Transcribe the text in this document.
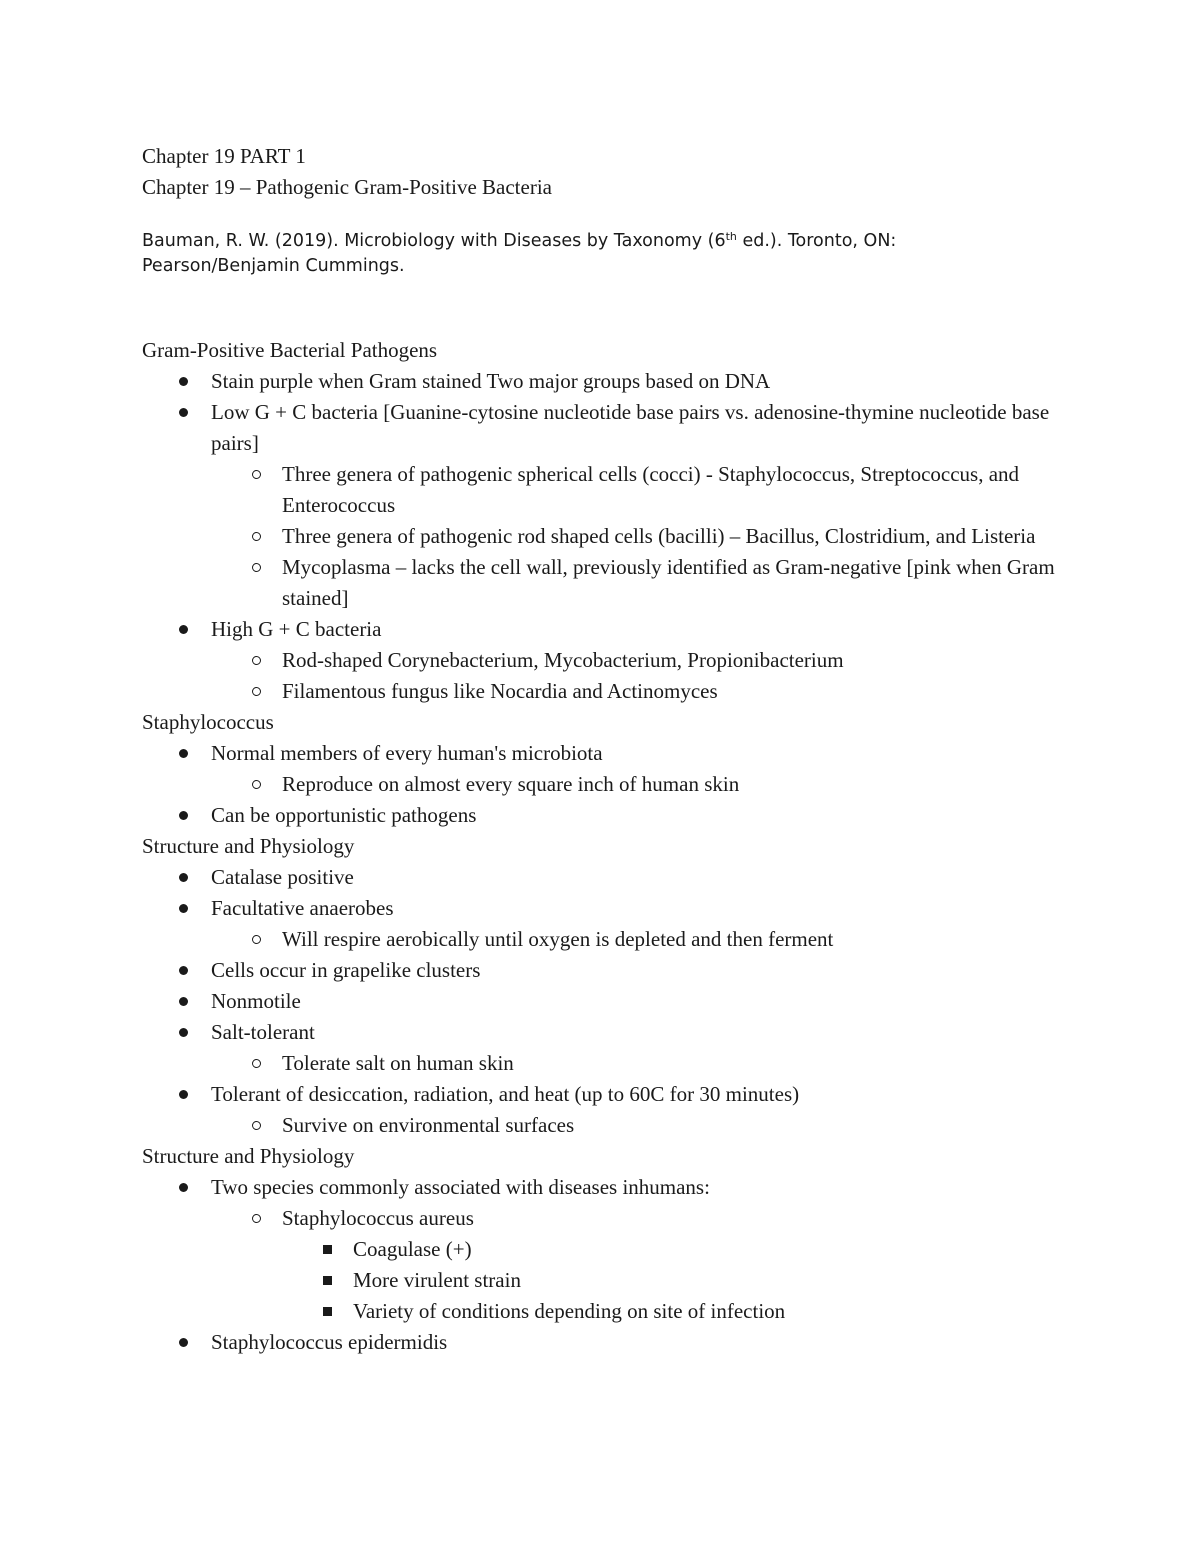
Chapter 19 PART 1
Chapter 19 – Pathogenic Gram-Positive Bacteria
Bauman, R. W. (2019). Microbiology with Diseases by Taxonomy (6th ed.). Toronto, ON: Pearson/Benjamin Cummings.
Gram-Positive Bacterial Pathogens
Stain purple when Gram stained Two major groups based on DNA
Low G + C bacteria [Guanine-cytosine nucleotide base pairs vs. adenosine-thymine nucleotide base pairs]
Three genera of pathogenic spherical cells (cocci) - Staphylococcus, Streptococcus, and Enterococcus
Three genera of pathogenic rod shaped cells (bacilli) – Bacillus, Clostridium, and Listeria
Mycoplasma – lacks the cell wall, previously identified as Gram-negative [pink when Gram stained]
High G + C bacteria
Rod-shaped Corynebacterium, Mycobacterium, Propionibacterium
Filamentous fungus like Nocardia and Actinomyces
Staphylococcus
Normal members of every human's microbiota
Reproduce on almost every square inch of human skin
Can be opportunistic pathogens
Structure and Physiology
Catalase positive
Facultative anaerobes
Will respire aerobically until oxygen is depleted and then ferment
Cells occur in grapelike clusters
Nonmotile
Salt-tolerant
Tolerate salt on human skin
Tolerant of desiccation, radiation, and heat (up to 60C for 30 minutes)
Survive on environmental surfaces
Structure and Physiology
Two species commonly associated with diseases inhumans:
Staphylococcus aureus
Coagulase (+)
More virulent strain
Variety of conditions depending on site of infection
Staphylococcus epidermidis
